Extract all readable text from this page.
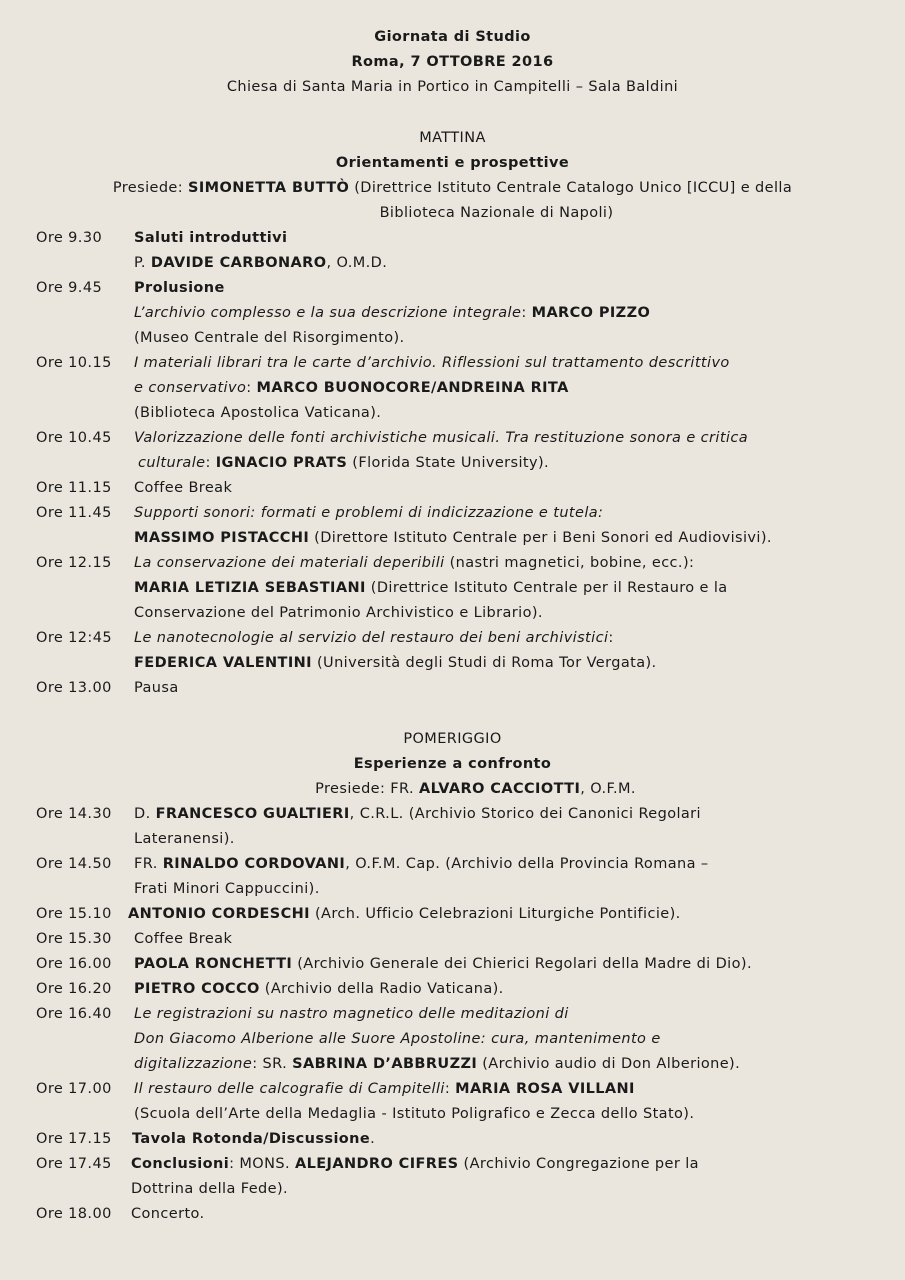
Giornata di Studio
Roma, 7 OTTOBRE 2016
Chiesa di Santa Maria in Portico in Campitelli – Sala Baldini
MATTINA
Orientamenti e prospettive
Presiede: SIMONETTA BUTTÒ (Direttrice Istituto Centrale Catalogo Unico [ICCU] e della
Biblioteca Nazionale di Napoli)
Ore 9.30 Saluti introduttivi
P. DAVIDE CARBONARO, O.M.D.
Ore 9.45 Prolusione
L’archivio complesso e la sua descrizione integrale: MARCO PIZZO
(Museo Centrale del Risorgimento).
Ore 10.15 I materiali librari tra le carte d’archivio. Riflessioni sul trattamento descrittivo
e conservativo: MARCO BUONOCORE/ANDREINA RITA
(Biblioteca Apostolica Vaticana).
Ore 10.45 Valorizzazione delle fonti archivistiche musicali. Tra restituzione sonora e critica
culturale: IGNACIO PRATS (Florida State University).
Ore 11.15 Coffee Break
Ore 11.45 Supporti sonori: formati e problemi di indicizzazione e tutela:
MASSIMO PISTACCHI (Direttore Istituto Centrale per i Beni Sonori ed Audiovisivi).
Ore 12.15 La conservazione dei materiali deperibili (nastri magnetici, bobine, ecc.):
MARIA LETIZIA SEBASTIANI (Direttrice Istituto Centrale per il Restauro e la
Conservazione del Patrimonio Archivistico e Librario).
Ore 12:45 Le nanotecnologie al servizio del restauro dei beni archivistici:
FEDERICA VALENTINI (Università degli Studi di Roma Tor Vergata).
Ore 13.00 Pausa
POMERIGGIO
Esperienze a confronto
Presiede: FR. ALVARO CACCIOTTI, O.F.M.
Ore 14.30 D. FRANCESCO GUALTIERI, C.R.L. (Archivio Storico dei Canonici Regolari
Lateranensi).
Ore 14.50 FR. RINALDO CORDOVANI, O.F.M. Cap. (Archivio della Provincia Romana –
Frati Minori Cappuccini).
Ore 15.10 ANTONIO CORDESCHI (Arch. Ufficio Celebrazioni Liturgiche Pontificie).
Ore 15.30 Coffee Break
Ore 16.00 PAOLA RONCHETTI (Archivio Generale dei Chierici Regolari della Madre di Dio).
Ore 16.20 PIETRO COCCO (Archivio della Radio Vaticana).
Ore 16.40 Le registrazioni su nastro magnetico delle meditazioni di
Don Giacomo Alberione alle Suore Apostoline: cura, mantenimento e
digitalizzazione: SR. SABRINA D’ABBRUZZI (Archivio audio di Don Alberione).
Ore 17.00 Il restauro delle calcografie di Campitelli: MARIA ROSA VILLANI
(Scuola dell’Arte della Medaglia - Istituto Poligrafico e Zecca dello Stato).
Ore 17.15 Tavola Rotonda/Discussione.
Ore 17.45 Conclusioni: MONS. ALEJANDRO CIFRES (Archivio Congregazione per la
Dottrina della Fede).
Ore 18.00 Concerto.
